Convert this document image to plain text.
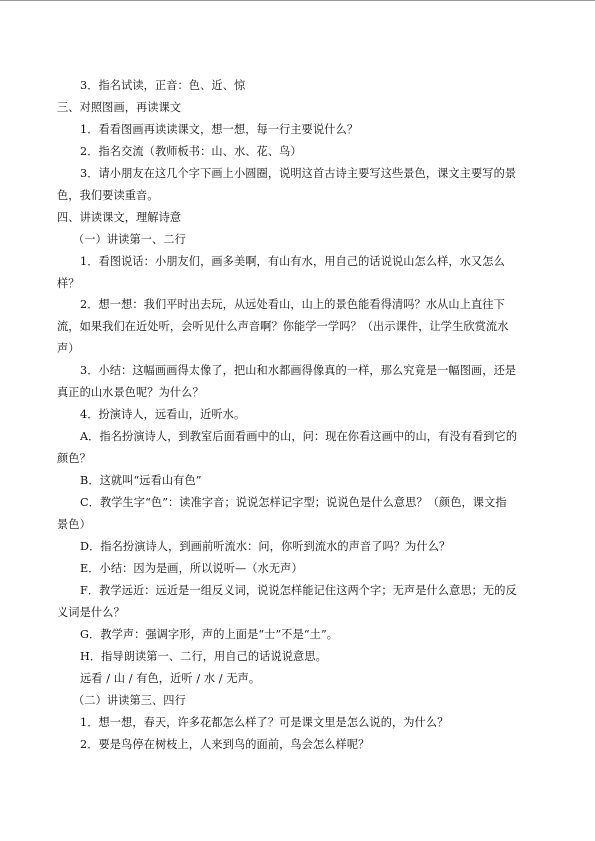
3．指名试读，正音：色、近、惊
三、对照图画，再读课文
1．看看图画再读读课文，想一想，每一行主要说什么？
2．指名交流（教师板书：山、水、花、鸟）
3．请小朋友在这几个字下画上小圆圈，说明这首古诗主要写这些景色，课文主要写的景
色，我们要读重音。
四、讲读课文，理解诗意
（一）讲读第一、二行
1．看图说话：小朋友们，画多美啊，有山有水，用自己的话说说山怎么样，水又怎么
样？
2．想一想：我们平时出去玩，从远处看山，山上的景色能看得清吗？水从山上直往下
流，如果我们在近处听，会听见什么声音啊？你能学一学吗？（出示课件，让学生欣赏流水
声）
3．小结：这幅画画得太像了，把山和水都画得像真的一样，那么究竟是一幅图画，还是
真正的山水景色呢？为什么？
4．扮演诗人，远看山，近听水。
A．指名扮演诗人，到教室后面看画中的山，问：现在你看这画中的山，有没有看到它的
颜色？
B．这就叫“远看山有色”
C．教学生字“色”：读准字音；说说怎样记字型；说说色是什么意思？（颜色，课文指
景色）
D．指名扮演诗人，到画前听流水：问，你听到流水的声音了吗？为什么？
E．小结：因为是画，所以说听—（水无声）
F．教学远近：远近是一组反义词，说说怎样能记住这两个字；无声是什么意思；无的反
义词是什么？
G．教学声：强调字形，声的上面是“士”不是“土”。
H．指导朗读第一、二行，用自己的话说说意思。
远看 / 山 / 有色，近听 / 水 / 无声。
（二）讲读第三、四行
1．想一想，春天，许多花都怎么样了？可是课文里是怎么说的，为什么？
2．要是鸟停在树枝上，人来到鸟的面前，鸟会怎么样呢？
